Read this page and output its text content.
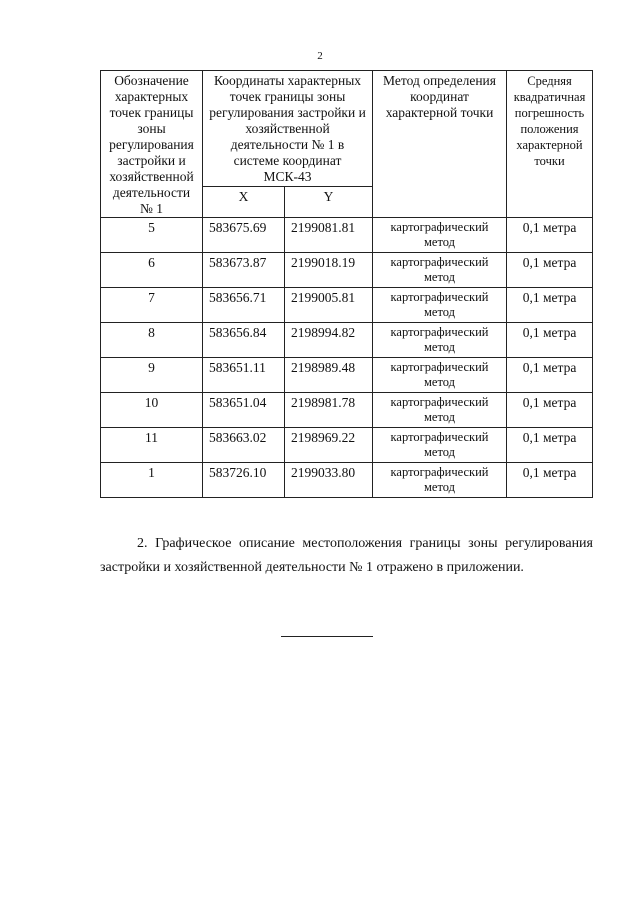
2
Обозначение характерных точек границы зоны регулирования застройки и хозяйственной деятельности № 1	Координаты характерных точек границы зоны регулирования застройки и хозяйственной деятельности № 1 в системе координат МСК-43		Метод определения координат характерной точки	Средняя квадратичная погрешность положения характерной точки
	X	Y		
5	583675.69	2199081.81	картографический метод	0,1 метра
6	583673.87	2199018.19	картографический метод	0,1 метра
7	583656.71	2199005.81	картографический метод	0,1 метра
8	583656.84	2198994.82	картографический метод	0,1 метра
9	583651.11	2198989.48	картографический метод	0,1 метра
10	583651.04	2198981.78	картографический метод	0,1 метра
11	583663.02	2198969.22	картографический метод	0,1 метра
1	583726.10	2199033.80	картографический метод	0,1 метра

2. Графическое описание местоположения границы зоны регулирования застройки и хозяйственной деятельности № 1 отражено в приложении.
